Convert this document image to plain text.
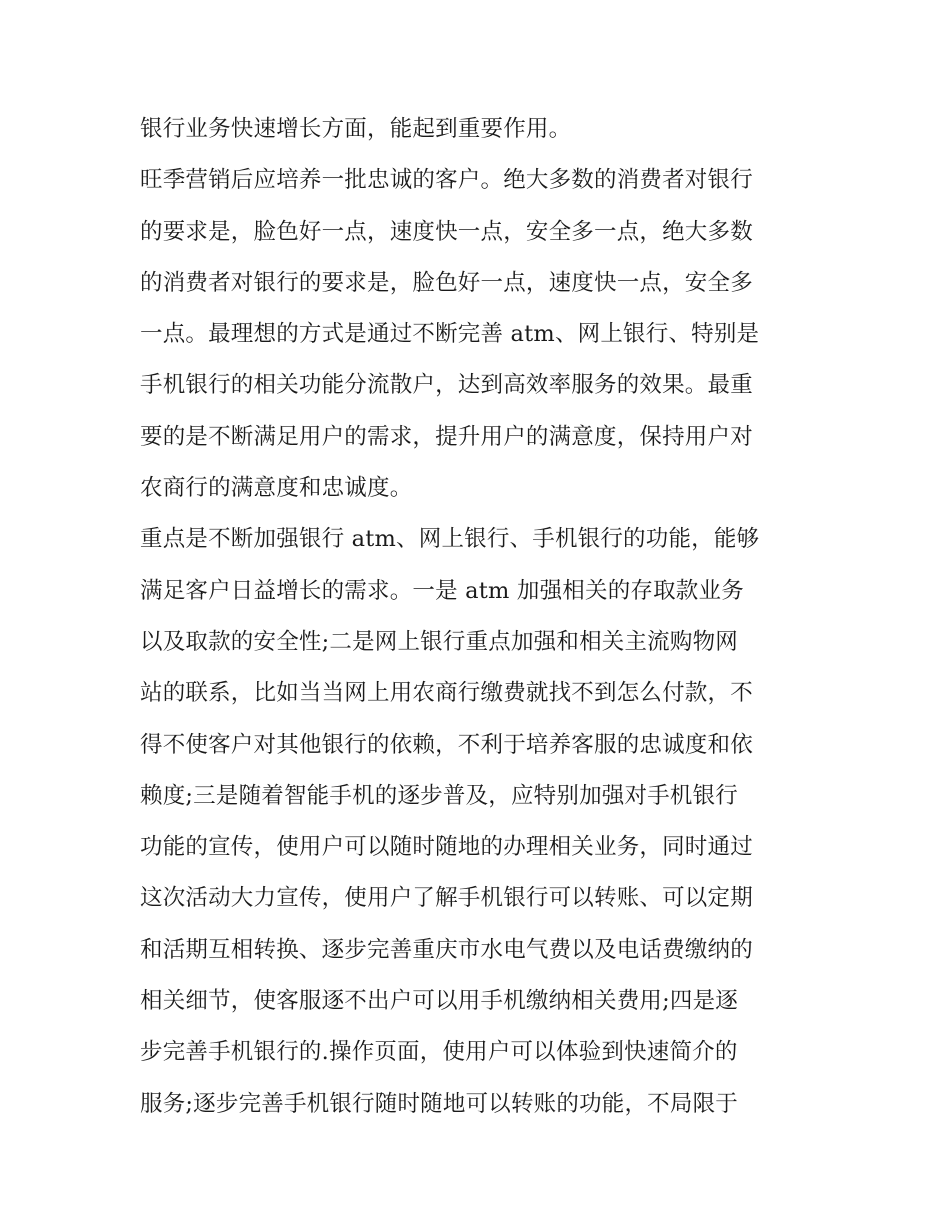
银行业务快速增长方面，能起到重要作用。
旺季营销后应培养一批忠诚的客户。绝大多数的消费者对银行
的要求是，脸色好一点，速度快一点，安全多一点，绝大多数
的消费者对银行的要求是，脸色好一点，速度快一点，安全多
一点。最理想的方式是通过不断完善 atm、网上银行、特别是
手机银行的相关功能分流散户，达到高效率服务的效果。最重
要的是不断满足用户的需求，提升用户的满意度，保持用户对
农商行的满意度和忠诚度。
重点是不断加强银行 atm、网上银行、手机银行的功能，能够
满足客户日益增长的需求。一是 atm 加强相关的存取款业务
以及取款的安全性;二是网上银行重点加强和相关主流购物网
站的联系，比如当当网上用农商行缴费就找不到怎么付款，不
得不使客户对其他银行的依赖，不利于培养客服的忠诚度和依
赖度;三是随着智能手机的逐步普及，应特别加强对手机银行
功能的宣传，使用户可以随时随地的办理相关业务，同时通过
这次活动大力宣传，使用户了解手机银行可以转账、可以定期
和活期互相转换、逐步完善重庆市水电气费以及电话费缴纳的
相关细节，使客服逐不出户可以用手机缴纳相关费用;四是逐
步完善手机银行的.操作页面，使用户可以体验到快速简介的
服务;逐步完善手机银行随时随地可以转账的功能，不局限于
